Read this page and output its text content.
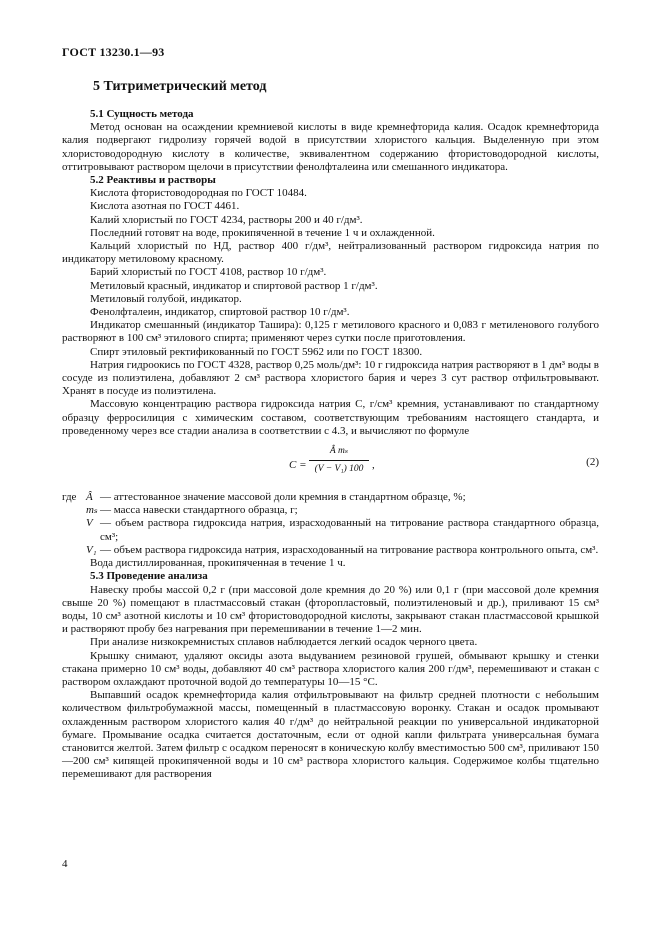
ГОСТ 13230.1—93
5 Титриметрический метод

5.1 Сущность метода

Метод основан на осаждении кремниевой кислоты в виде кремнефторида калия. Осадок кремнефторида калия подвергают гидролизу горячей водой в присутствии хлористого кальция. Выделенную при этом хлористоводородную кислоту в количестве, эквивалентном содержанию фтористоводородной кислоты, оттитровывают раствором щелочи в присутствии фенолфталеина или смешанного индикатора.

5.2 Реактивы и растворы

Кислота фтористоводородная по ГОСТ 10484.

Кислота азотная по ГОСТ 4461.

Калий хлористый по ГОСТ 4234, растворы 200 и 40 г/дм³.

Последний готовят на воде, прокипяченной в течение 1 ч и охлажденной.

Кальций хлористый по НД, раствор 400 г/дм³, нейтрализованный раствором гидроксида натрия по индикатору метиловому красному.

Барий хлористый по ГОСТ 4108, раствор 10 г/дм³.

Метиловый красный, индикатор и спиртовой раствор 1 г/дм³.

Метиловый голубой, индикатор.

Фенолфталеин, индикатор, спиртовой раствор 10 г/дм³.

Индикатор смешанный (индикатор Ташира): 0,125 г метилового красного и 0,083 г метиленового голубого растворяют в 100 см³ этилового спирта; применяют через сутки после приготовления.

Спирт этиловый ректификованный по ГОСТ 5962 или по ГОСТ 18300.

Натрия гидроокись по ГОСТ 4328, раствор 0,25 моль/дм³: 10 г гидроксида натрия растворяют в 1 дм³ воды в сосуде из полиэтилена, добавляют 2 см³ раствора хлористого бария и через 3 сут раствор отфильтровывают. Хранят в посуде из полиэтилена.

Массовую концентрацию раствора гидроксида натрия C, г/см³ кремния, устанавливают по стандартному образцу ферросилиция с химическим составом, соответствующим требованиям настоящего стандарта, и проведенному через все стадии анализа в соответствии с 4.3, и вычисляют по формуле

$C = \frac{\text{Â mₛ}}{\text{(V − V₁) 100}}$ ,	(2)
где	Â	— аттестованное значение массовой доли кремния в стандартном образце, %;
	mₛ	— масса навески стандартного образца, г;
	V	— объем раствора гидроксида натрия, израсходованный на титрование раствора стандартного образца, см³;
	V₁	— объем раствора гидроксида натрия, израсходованный на титрование раствора контрольного опыта, см³.

Вода дистиллированная, прокипяченная в течение 1 ч.

5.3 Проведение анализа

Навеску пробы массой 0,2 г (при массовой доле кремния до 20 %) или 0,1 г (при массовой доле кремния свыше 20 %) помещают в пластмассовый стакан (фторопластовый, полиэтиленовый и др.), приливают 15 см³ воды, 10 см³ азотной кислоты и 10 см³ фтористоводородной кислоты, закрывают стакан пластмассовой крышкой и растворяют пробу без нагревания при перемешивании в течение 1—2 мин.

При анализе низкокремнистых сплавов наблюдается легкий осадок черного цвета.

Крышку снимают, удаляют оксиды азота выдуванием резиновой грушей, обмывают крышку и стенки стакана примерно 10 см³ воды, добавляют 40 см³ раствора хлористого калия 200 г/дм³, перемешивают и стакан с раствором охлаждают проточной водой до температуры 10—15 °С.

Выпавший осадок кремнефторида калия отфильтровывают на фильтр средней плотности с небольшим количеством фильтробумажной массы, помещенный в пластмассовую воронку. Стакан и осадок промывают охлажденным раствором хлористого калия 40 г/дм³ до нейтральной реакции по универсальной индикаторной бумаге. Промывание осадка считается достаточным, если от одной капли фильтрата универсальная бумага становится желтой. Затем фильтр с осадком переносят в коническую колбу вместимостью 500 см³, приливают 150—200 см³ кипящей прокипяченной воды и 10 см³ раствора хлористого кальция. Содержимое колбы тщательно перемешивают для растворения

4
